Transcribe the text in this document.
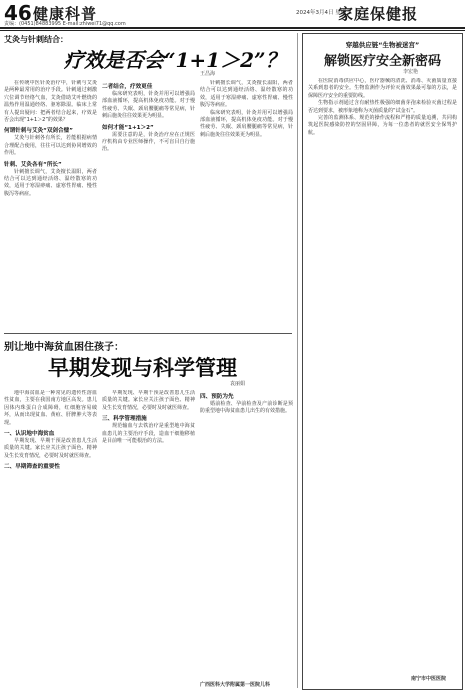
46 健康科普
责编：(0451)84883995 E-mail:zhiwei71@qq.com
2024年3月4日 星期三
家庭保健报
艾灸与针刺结合：
疗效是否会“1+1＞2”？
王昌海
在传统中医针灸治疗中，针刺与艾灸是两种最常用的治疗手段。针刺通过刺激穴位调节经络气血，艾灸借助艾叶燃烧的温热作用温通经络、驱寒除湿。临床上常有人提出疑问：把两者结合起来，疗效是否会出现“1+1＞2”的效果？
何谓针刺与艾灸“双剑合璧”
艾灸与针刺各有所长，若能根据病情合理配合使用，往往可以达到协同增效的作用。
针刺、艾灸各有“所长”
针刺擅长调气，艾灸擅长温阳，两者结合可以达到通经活络、温经散寒的功效，适用于寒湿痹痛、虚寒性胃痛、慢性腹泻等病症。
二者结合，疗效更佳
临床研究表明，针灸并用可以增强局部血液循环，提高机体免疫功能。对于慢性疲劳、失眠、颈肩腰腿痛等常见病，针刺后施灸往往效果更为明显。
如何才能“1+1＞2”
需要注意的是，针灸治疗应在正规医疗机构由专业医师操作，不可盲目自行施治。
针刺擅长调气，艾灸擅长温阳，两者结合可以达到通经活络、温经散寒的功效，适用于寒湿痹痛、虚寒性胃痛、慢性腹泻等病症。
临床研究表明，针灸并用可以增强局部血液循环，提高机体免疫功能。对于慢性疲劳、失眠、颈肩腰腿痛等常见病，针刺后施灸往往效果更为明显。
别让地中海贫血困住孩子：
早期发现与科学管理
袁丽娟
地中海贫血是一种常见的遗传性溶血性贫血，主要在我国南方地区高发。患儿因体内珠蛋白合成障碍，红细胞容易破坏，从而出现贫血、黄疸、肝脾肿大等表现。
一、认识地中海贫血
早期发现、早期干预是改善患儿生活质量的关键。家长应关注孩子面色、精神及生长发育情况，必要时及时就医筛查。
二、早期筛查的重要性
早期发现、早期干预是改善患儿生活质量的关键。家长应关注孩子面色、精神及生长发育情况，必要时及时就医筛查。
三、科学管理措施
规范输血与去铁治疗是重型地中海贫血患儿的主要治疗手段，造血干细胞移植是目前唯一可能根治的方法。
四、预防为先
婚前检查、孕前检查及产前诊断是预防重型地中海贫血患儿出生的有效措施。
广西医科大学附属第一医院儿科
穿越供应链“生物被迷宫”
解锁医疗安全新密码
李宏艳
在医院消毒供应中心，医疗器械的清洗、消毒、灭菌质量直接关系到患者的安全。生物监测作为评价灭菌效果最可靠的方法，是保障医疗安全的重要防线。
生物指示剂通过含有耐热性极强的细菌芽孢来检验灭菌过程是否达到要求，被形象地称为灭菌质量的“试金石”。
完善的监测体系、规范的操作流程和严格的质量追溯，共同构筑起医院感染防控的坚固屏障，为每一位患者的就医安全保驾护航。
南宁市中医医院
